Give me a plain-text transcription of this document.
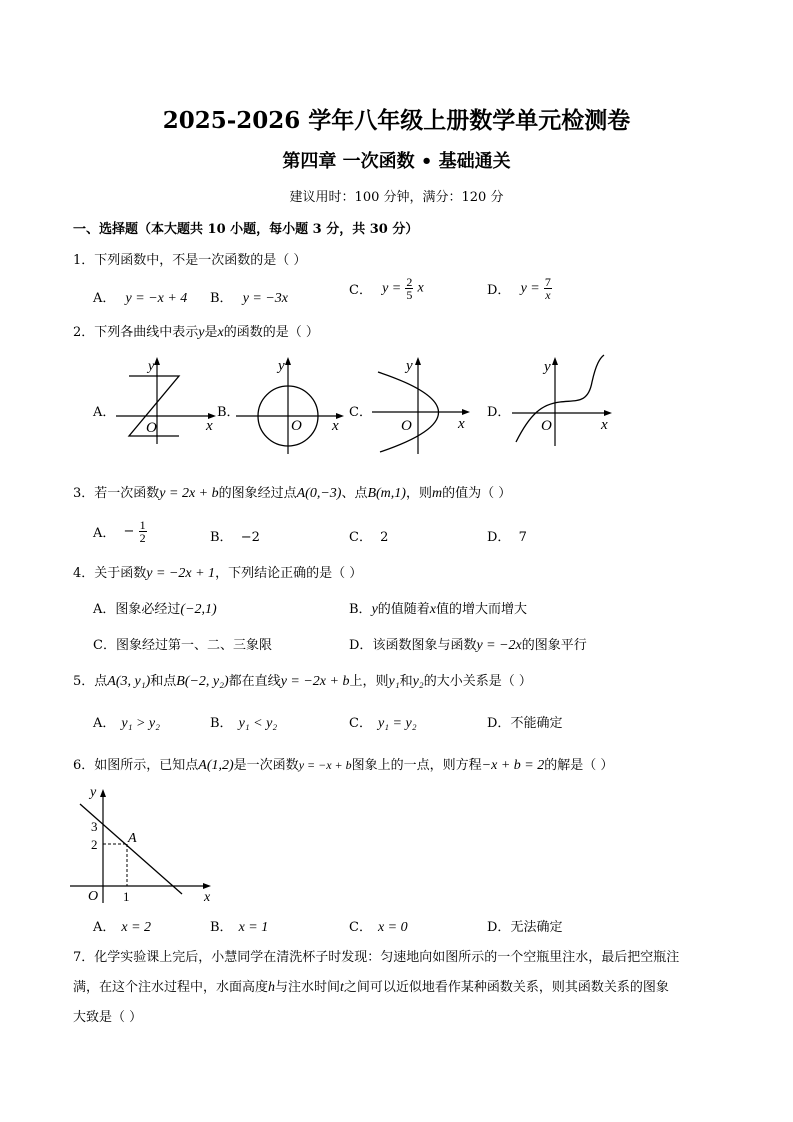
2025-2026 学年八年级上册数学单元检测卷
第四章 一次函数 • 基础通关
建议用时：100 分钟，满分：120 分
一、选择题（本大题共 10 小题，每小题 3 分，共 30 分）
1．下列函数中，不是一次函数的是（ ）
A． y = −x + 4 B． y = −3x
C． $y = \frac{2}{5}$ x	D． $y = \frac{7}{x}$
2．下列各曲线中表示y是x的函数的是（ ）
A．	B．	C．	D．
y
x
O
y
x
O
y
x
O
y
x
O
3．若一次函数y = 2x + b的图象经过点A(0,−3)、点B(m,1)，则m的值为（ ）
A． − $\frac{1}{2}$	B． −2	C． 2	D． 7
4．关于函数y = −2x + 1，下列结论正确的是（ ）
A．图象必经过(−2,1)	B．y的值随着x值的增大而增大
C．图象经过第一、二、三象限	D．该函数图象与函数y = −2x的图象平行
5．点A(3, y₁)和点B(−2, y₂)都在直线y = −2x + b上，则y₁和y₂的大小关系是（ ）
A． y₁ > y₂	B． y₁ < y₂	C． y₁ = y₂	D．不能确定
6．如图所示，已知点A(1,2)是一次函数y = −x + b图象上的一点，则方程−x + b = 2的解是（ ）
y
x
O
3
2
1
A
A． x = 2	B． x = 1	C． x = 0	D．无法确定
7．化学实验课上完后，小慧同学在清洗杯子时发现：匀速地向如图所示的一个空瓶里注水，最后把空瓶注
满，在这个注水过程中，水面高度h与注水时间t之间可以近似地看作某种函数关系，则其函数关系的图象
大致是（ ）
